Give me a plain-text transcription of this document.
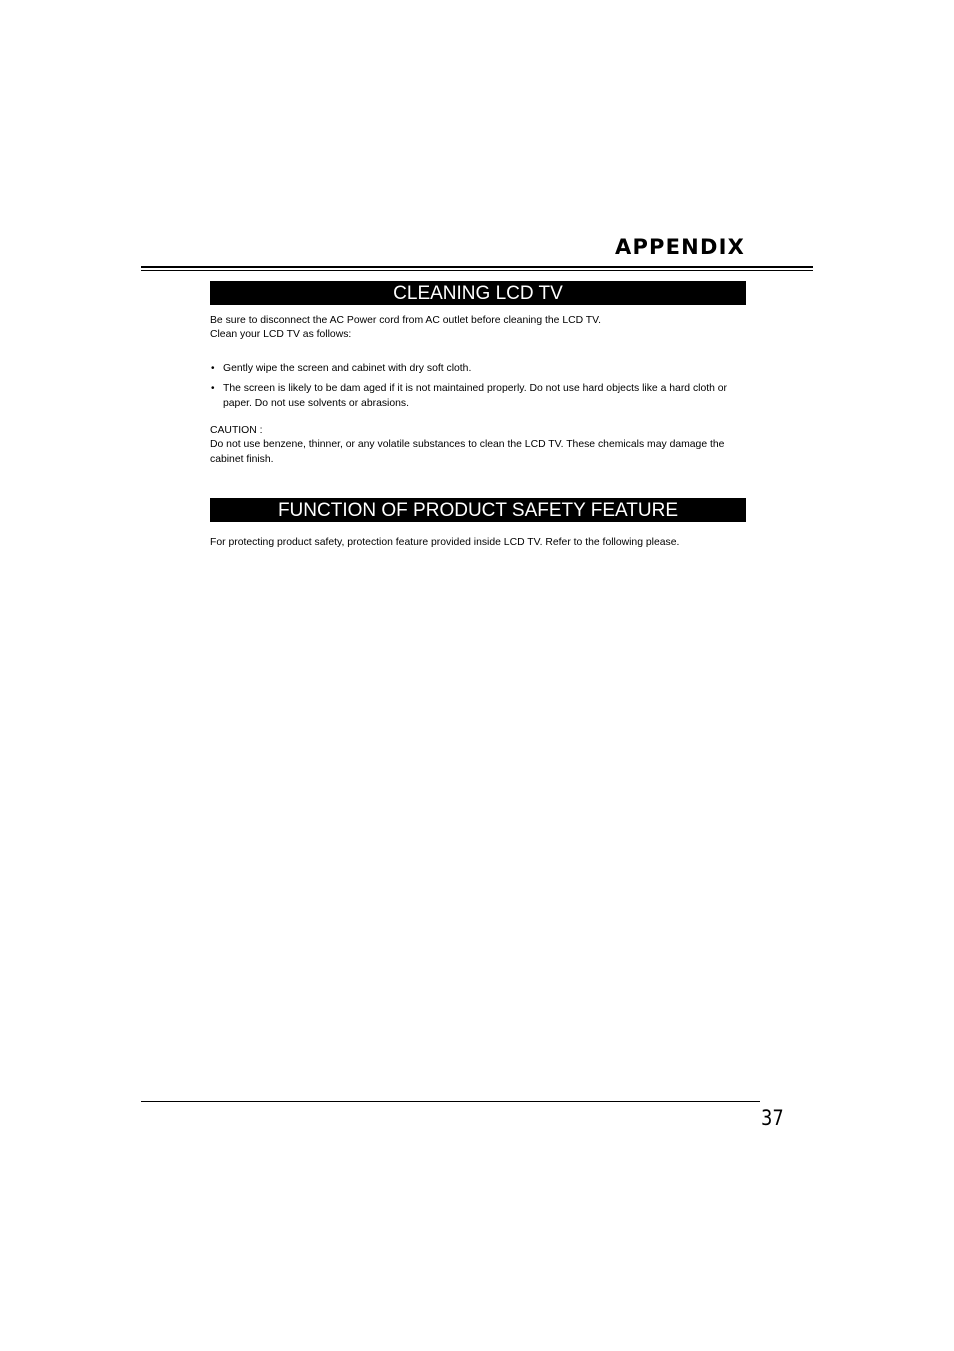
APPENDIX
CLEANING LCD TV

Be sure to disconnect the AC Power cord from AC outlet before cleaning the LCD TV.

Clean your LCD TV as follows:

• Gently wipe the screen and cabinet with dry soft cloth.
• The screen is likely to be dam aged if it is not maintained properly. Do not use hard objects like a hard cloth or paper. Do not use solvents or abrasions.

CAUTION :

Do not use benzene, thinner, or any volatile substances to clean the LCD TV. These chemicals may damage the cabinet finish.

FUNCTION OF PRODUCT SAFETY FEATURE

For protecting product safety, protection feature provided inside LCD TV. Refer to the following please.

37
